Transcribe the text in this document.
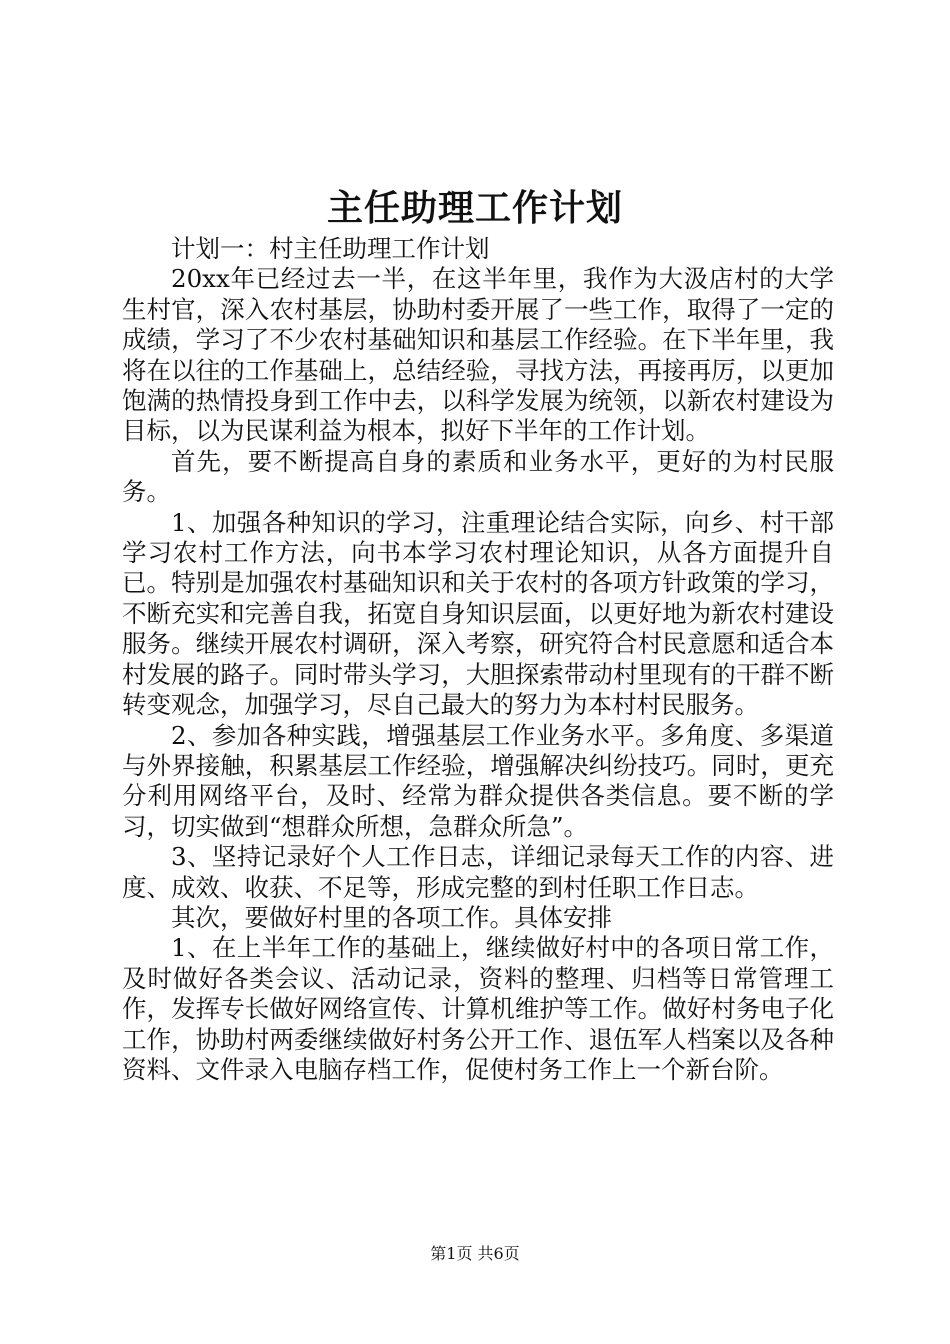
主任助理工作计划

计划一：村主任助理工作计划

20xx年已经过去一半，在这半年里，我作为大汲店村的大学生村官，深入农村基层，协助村委开展了一些工作，取得了一定的成绩，学习了不少农村基础知识和基层工作经验。在下半年里，我将在以往的工作基础上，总结经验，寻找方法，再接再厉，以更加饱满的热情投身到工作中去，以科学发展为统领，以新农村建设为目标，以为民谋利益为根本，拟好下半年的工作计划。

首先，要不断提高自身的素质和业务水平，更好的为村民服务。

1、加强各种知识的学习，注重理论结合实际，向乡、村干部学习农村工作方法，向书本学习农村理论知识，从各方面提升自已。特别是加强农村基础知识和关于农村的各项方针政策的学习，不断充实和完善自我，拓宽自身知识层面，以更好地为新农村建设服务。继续开展农村调研，深入考察，研究符合村民意愿和适合本村发展的路子。同时带头学习，大胆探索带动村里现有的干群不断转变观念，加强学习，尽自己最大的努力为本村村民服务。

2、参加各种实践，增强基层工作业务水平。多角度、多渠道与外界接触，积累基层工作经验，增强解决纠纷技巧。同时，更充分利用网络平台，及时、经常为群众提供各类信息。要不断的学习，切实做到“想群众所想，急群众所急”。

3、坚持记录好个人工作日志，详细记录每天工作的内容、进度、成效、收获、不足等，形成完整的到村任职工作日志。

其次，要做好村里的各项工作。具体安排

1、在上半年工作的基础上，继续做好村中的各项日常工作，及时做好各类会议、活动记录，资料的整理、归档等日常管理工作，发挥专长做好网络宣传、计算机维护等工作。做好村务电子化工作，协助村两委继续做好村务公开工作、退伍军人档案以及各种资料、文件录入电脑存档工作，促使村务工作上一个新台阶。

第1页 共6页
